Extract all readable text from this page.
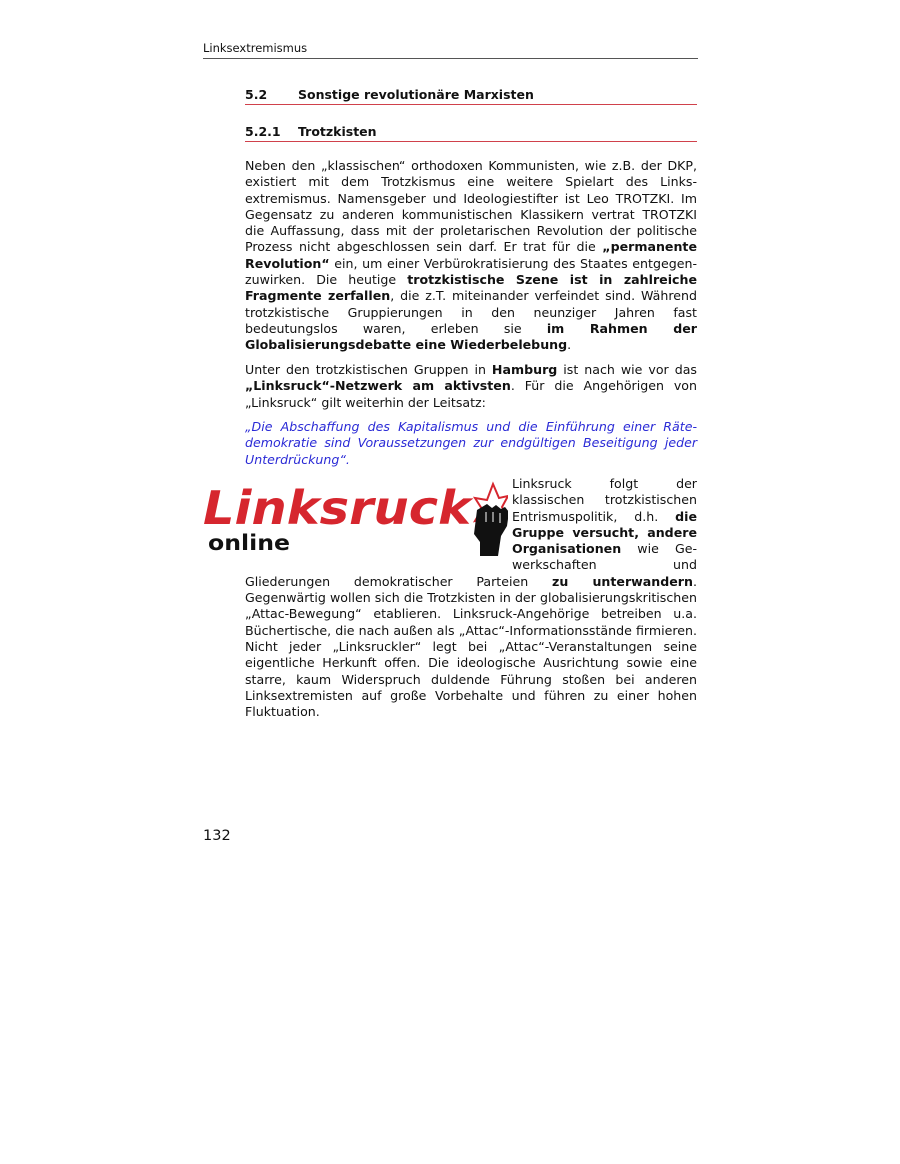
Linksextremismus
5.2 Sonstige revolutionäre Marxisten
5.2.1 Trotzkisten
Neben den „klassischen“ orthodoxen Kommunisten, wie z.B. der DKP, existiert mit dem Trotzkismus eine weitere Spielart des Linksextremismus. Namensgeber und Ideologiestifter ist Leo TROTZKI. Im Gegensatz zu anderen kommunistischen Klassikern vertrat TROTZKI die Auffassung, dass mit der proletarischen Revolution der politische Prozess nicht abgeschlossen sein darf. Er trat für die „permanente Revolution“ ein, um einer Verbürokratisierung des Staates entgegenzuwirken. Die heutige trotzkistische Szene ist in zahlreiche Fragmente zerfallen, die z.T. miteinander verfeindet sind. Während trotzkistische Gruppierungen in den neunziger Jahren fast bedeutungslos waren, erleben sie im Rahmen der Globalisierungsdebatte eine Wiederbelebung.
Unter den trotzkistischen Gruppen in Hamburg ist nach wie vor das „Linksruck“-Netzwerk am aktivsten. Für die Angehörigen von „Linksruck“ gilt weiterhin der Leitsatz:
„Die Abschaffung des Kapitalismus und die Einführung einer Rätedemokratie sind Voraussetzungen zur endgültigen Beseitigung jeder Unterdrückung“.
Linksruck
online
Linksruck folgt der klassischen trotzkistischen Entrismuspolitik, d.h. die Gruppe versucht, andere Organisationen wie Gewerkschaften und Gliederungen demokratischer Parteien zu unterwandern. Gegenwärtig wollen sich die Trotzkisten in der globalisierungskritischen „Attac-Bewegung“ etablieren. Linksruck-Angehörige betreiben u.a. Büchertische, die nach außen als „Attac“-Informationsstände firmieren. Nicht jeder „Linksruckler“ legt bei „Attac“-Veranstaltungen seine eigentliche Herkunft offen. Die ideologische Ausrichtung sowie eine starre, kaum Widerspruch duldende Führung stoßen bei anderen Linksextremisten auf große Vorbehalte und führen zu einer hohen Fluktuation.
132
